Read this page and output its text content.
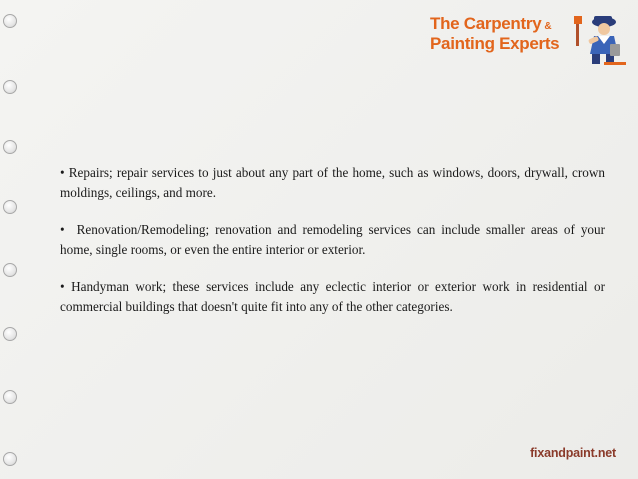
The Carpentry &
Painting Experts

• Repairs; repair services to just about any part of the home, such as windows, doors, drywall, crown moldings, ceilings, and more.

• Renovation/Remodeling; renovation and remodeling services can include smaller areas of your home, single rooms, or even the entire interior or exterior.

• Handyman work; these services include any eclectic interior or exterior work in residential or commercial buildings that doesn't quite fit into any of the other categories.

fixandpaint.net
